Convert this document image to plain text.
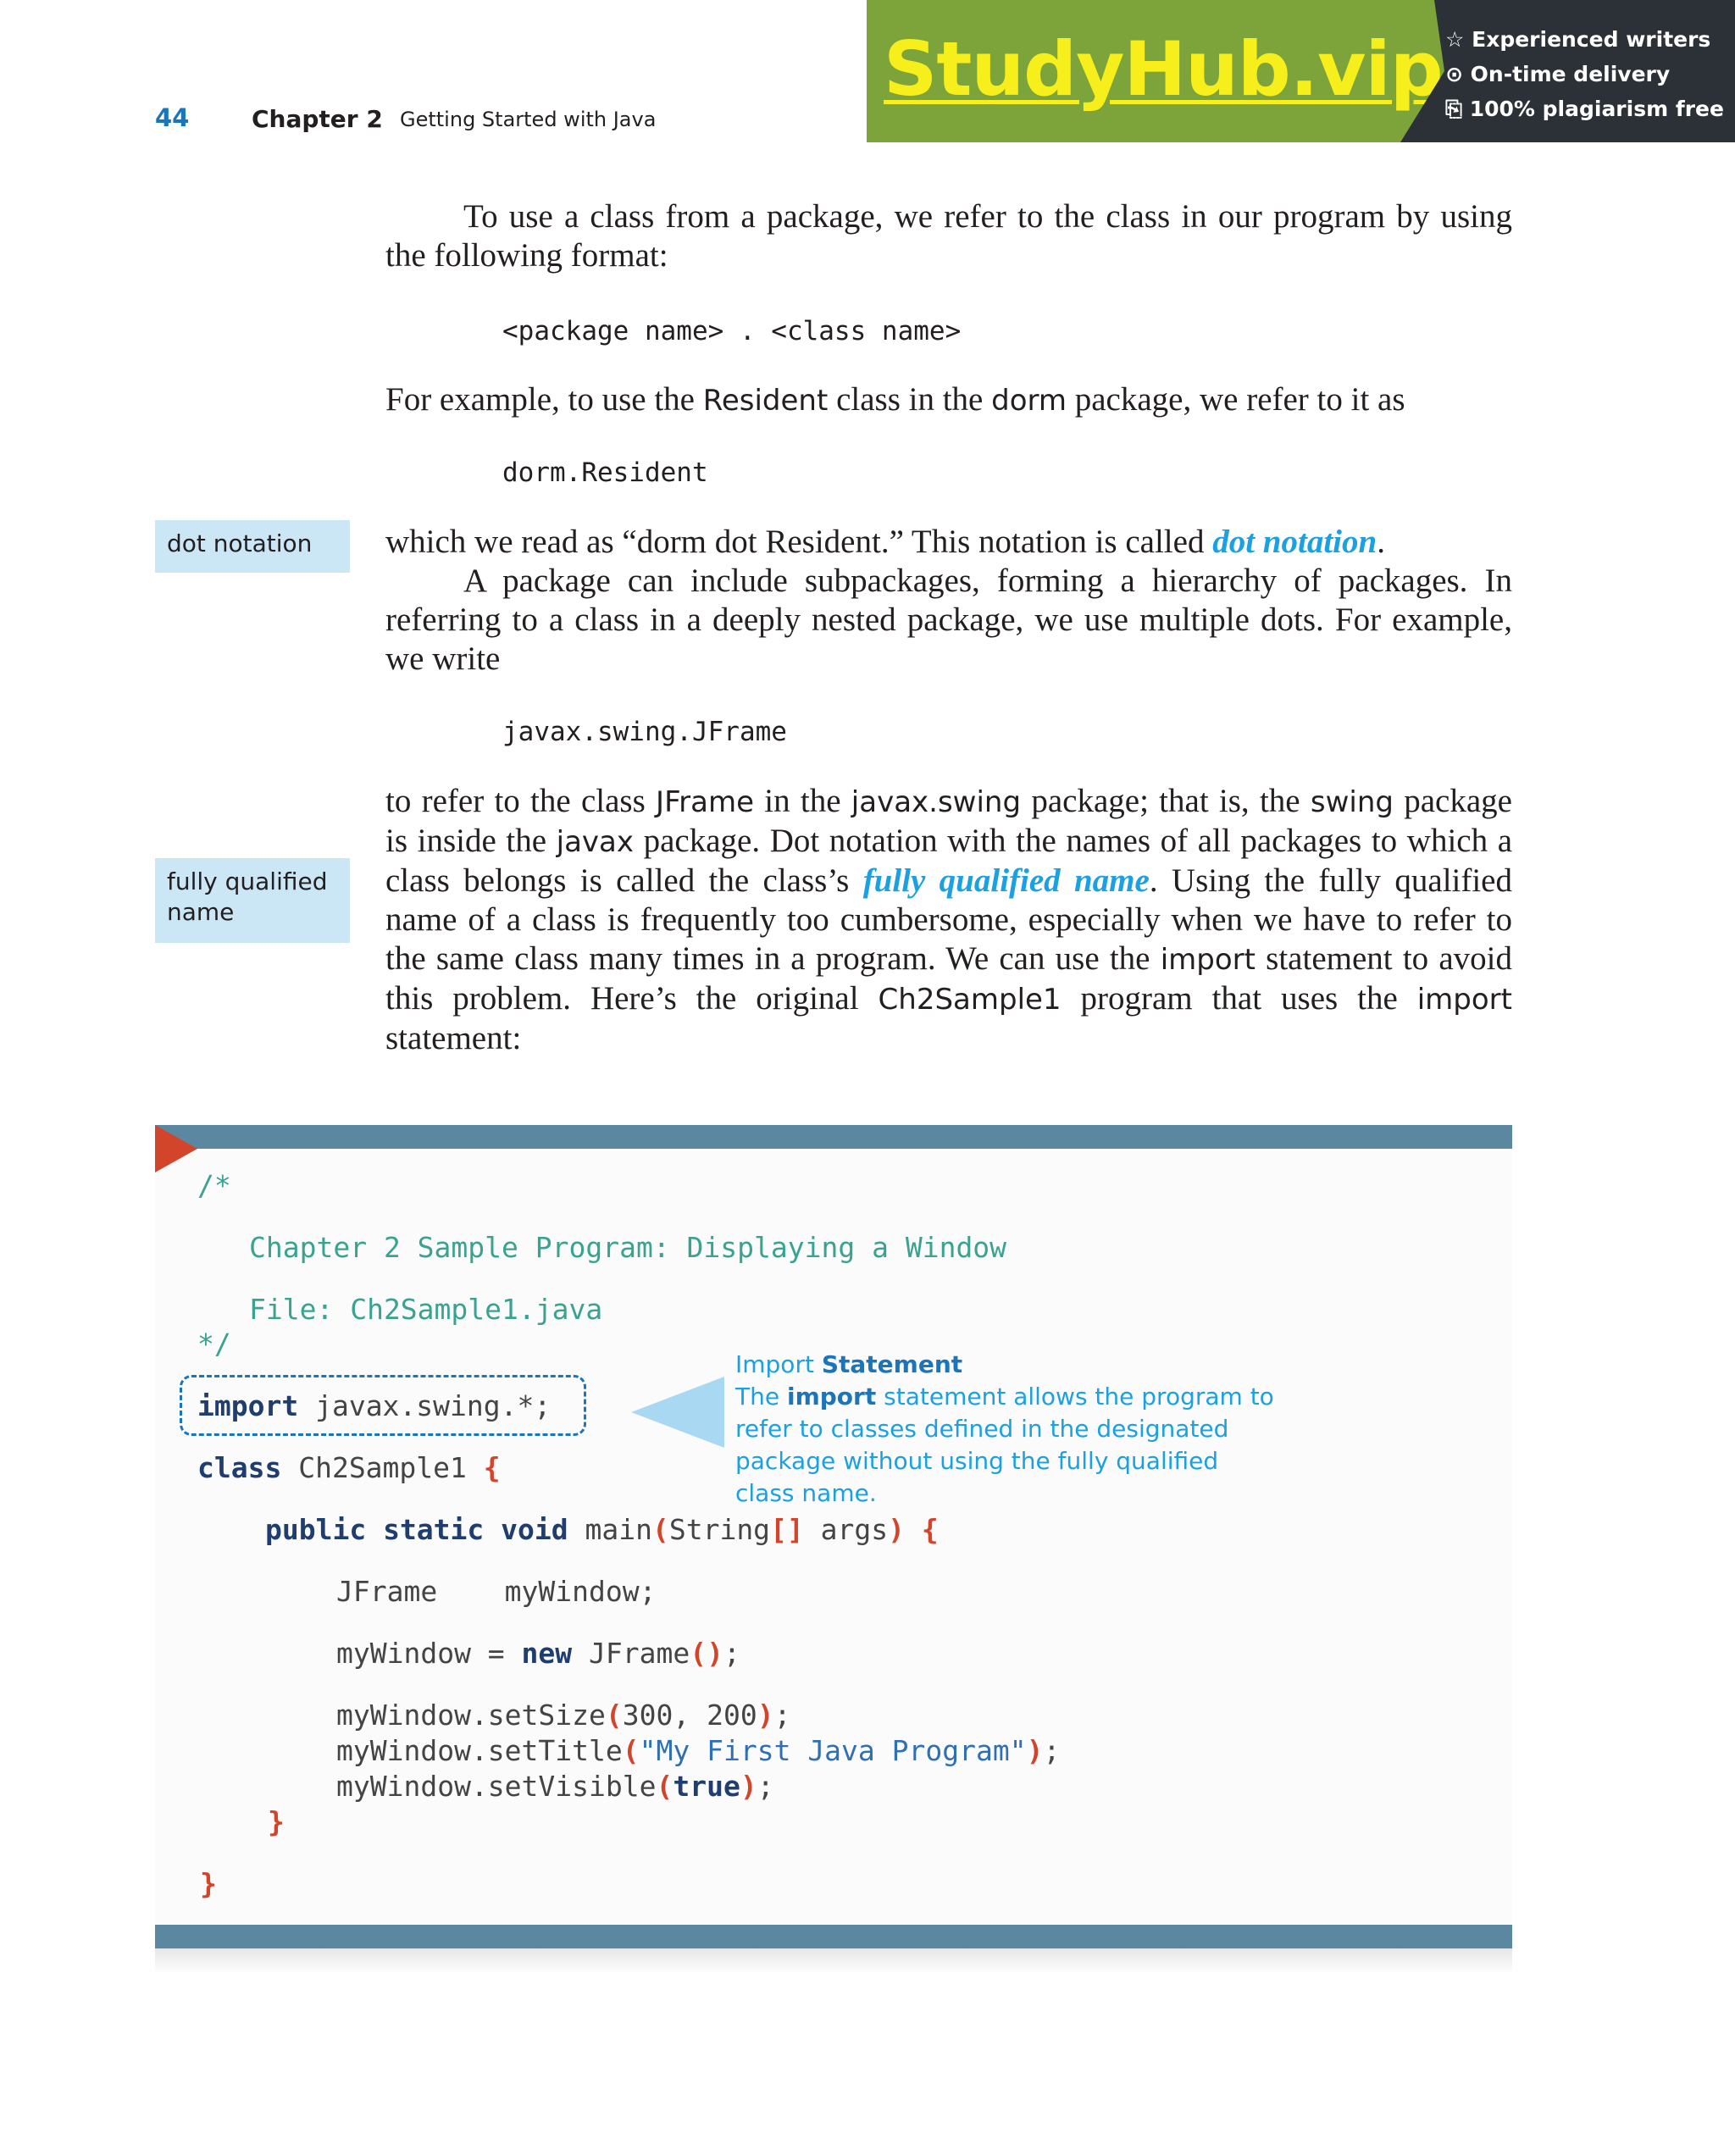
44	Chapter 2 Getting Started with Java
StudyHub.vip ☆ Experienced writers
⊙ On-time delivery
⎘ 100% plagiarism free
To use a class from a package, we refer to the class in our program by using the following format:
<package name> . <class name>
For example, to use the Resident class in the dorm package, we refer to it as
dorm.Resident
dot notation	which we read as “dorm dot Resident.” This notation is called dot notation.
A package can include subpackages, forming a hierarchy of packages. In referring to a class in a deeply nested package, we use multiple dots. For example, we write
javax.swing.JFrame
fully qualified name
to refer to the class JFrame in the javax.swing package; that is, the swing package is inside the javax package. Dot notation with the names of all packages to which a class belongs is called the class’s fully qualified name. Using the fully qualified name of a class is frequently too cumbersome, especially when we have to refer to the same class many times in a program. We can use the import statement to avoid this problem. Here’s the original Ch2Sample1 program that uses the import statement:
/*
Chapter 2 Sample Program: Displaying a Window
File: Ch2Sample1.java
*/
import javax.swing.*;
Import Statement
The import statement allows the program to refer to classes defined in the designated package without using the fully qualified class name.
class Ch2Sample1 {
public static void main(String[] args) {
JFrame    myWindow;
myWindow = new JFrame();
myWindow.setSize(300, 200);
myWindow.setTitle("My First Java Program");
myWindow.setVisible(true);
}
}
